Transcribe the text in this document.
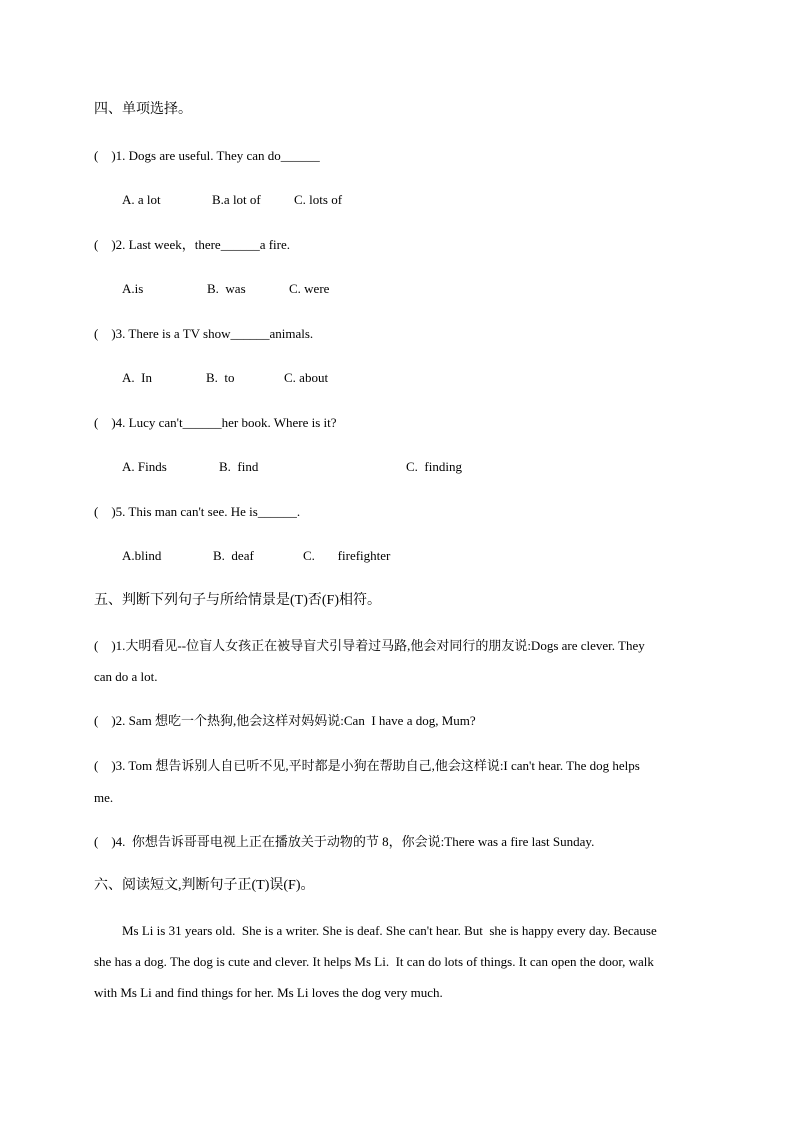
四、单项选择。
(    )1. Dogs are useful. They can do______
A. a lot	B.a lot of	C. lots of
(    )2. Last week，there______a fire.
A.is	B.  was	C. were
(    )3. There is a TV show______animals.
A.  In	B.  to	C. about
(    )4. Lucy can't______her book. Where is it?
A. Finds	B.  find	C.  finding
(    )5. This man can't see. He is______.
A.blind	B.  deaf	C.       firefighter
五、判断下列句子与所给情景是(T)否(F)相符。
(    )1.大明看见--位盲人女孩正在被导盲犬引导着过马路,他会对同行的朋友说:Dogs are clever. They
can do a lot.
(    )2. Sam 想吃一个热狗,他会这样对妈妈说:Can  I have a dog, Mum?
(    )3. Tom 想告诉别人自已听不见,平时都是小狗在帮助自己,他会这样说:I can't hear. The dog helps
me.
(    )4.  你想告诉哥哥电视上正在播放关于动物的节 8，你会说:There was a fire last Sunday.
六、阅读短文,判断句子正(T)误(F)。
Ms Li is 31 years old.  She is a writer. She is deaf. She can't hear. But  she is happy every day. Because
she has a dog. The dog is cute and clever. It helps Ms Li.  It can do lots of things. It can open the door, walk
with Ms Li and find things for her. Ms Li loves the dog very much.
